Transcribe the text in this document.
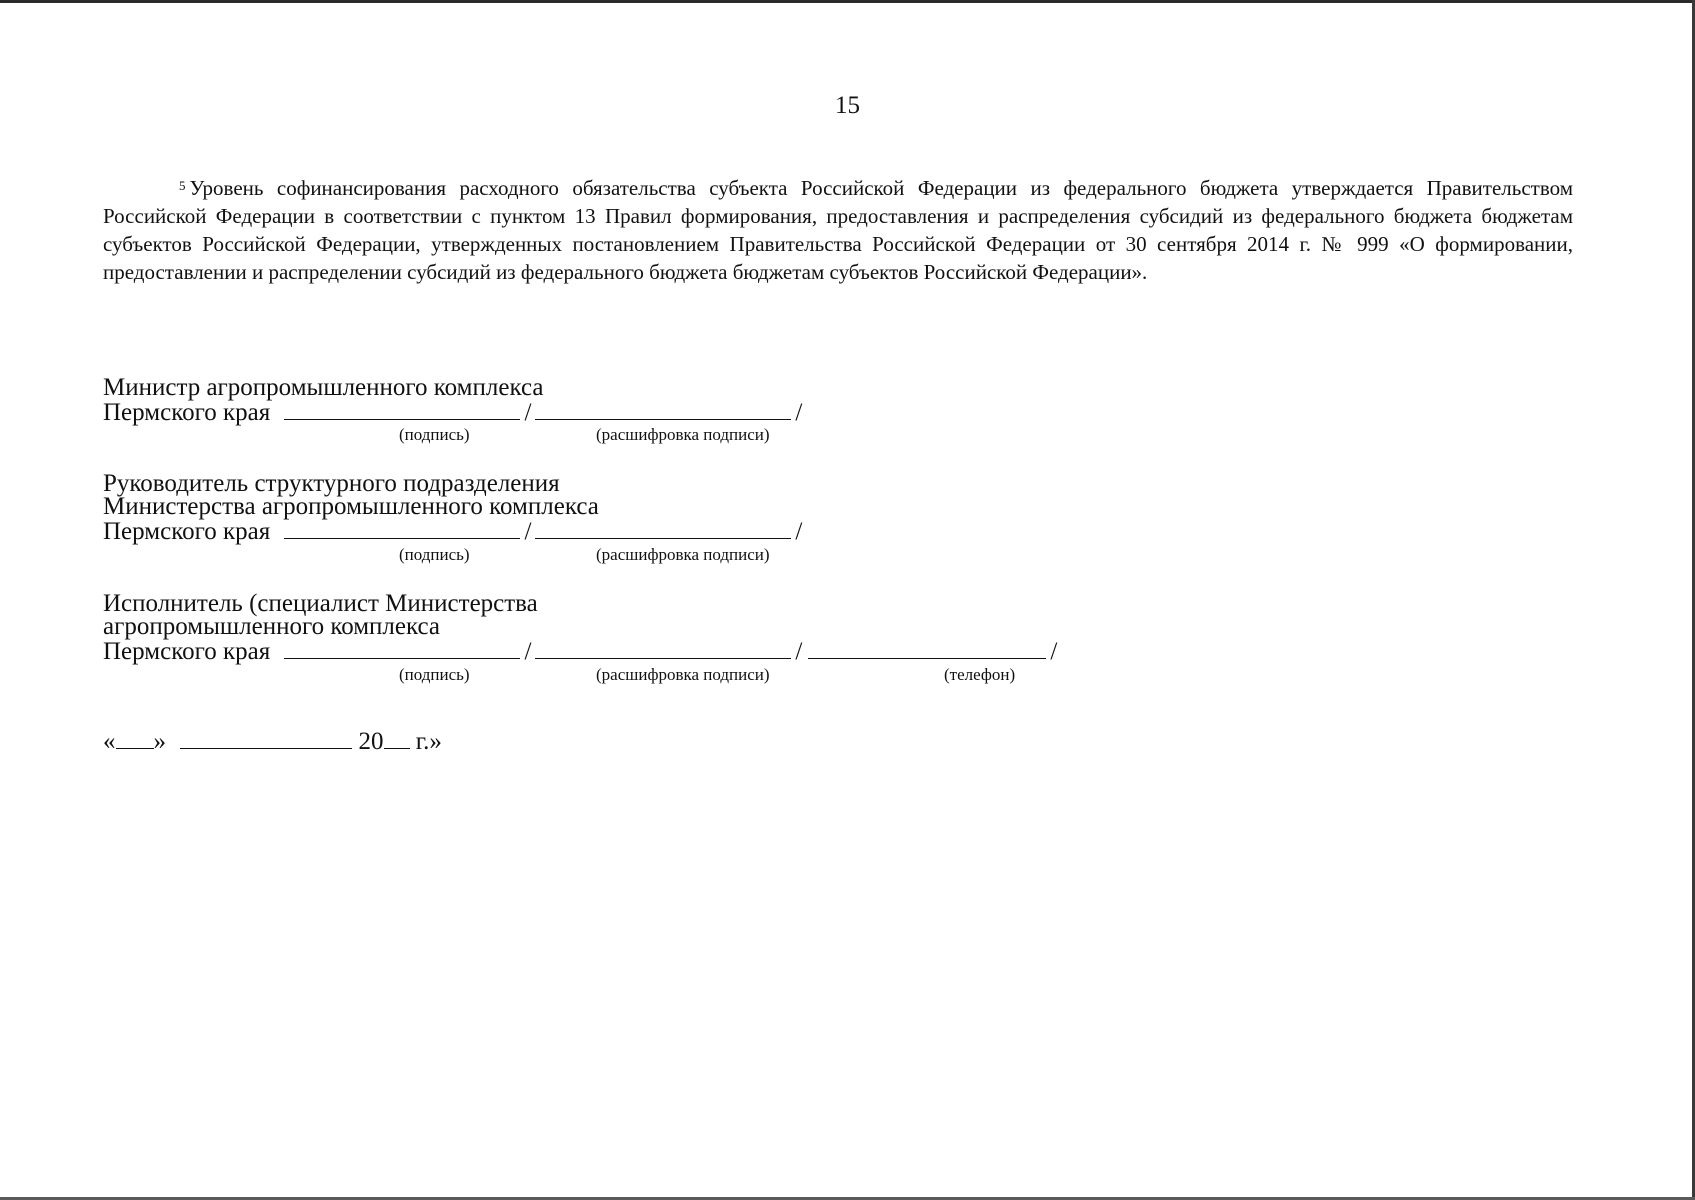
15
$^5$ Уровень софинансирования расходного обязательства субъекта Российской Федерации из федерального бюджета утверждается Правительством Российской Федерации в соответствии с пунктом 13 Правил формирования, предоставления и распределения субсидий из федерального бюджета бюджетам субъектов Российской Федерации, утвержденных постановлением Правительства Российской Федерации от 30 сентября 2014 г. № 999 «О формировании, предоставлении и распределении субсидий из федерального бюджета бюджетам субъектов Российской Федерации».
Министр агропромышленного комплекса
Пермского края	/	/
(подпись)	(расшифровка подписи)
Руководитель структурного подразделения
Министерства агропромышленного комплекса
Пермского края	/	/
(подпись)	(расшифровка подписи)
Исполнитель (специалист Министерства
агропромышленного комплекса
Пермского края	/	/	/
(подпись)	(расшифровка подписи)	(телефон)
« »	20 г.»
